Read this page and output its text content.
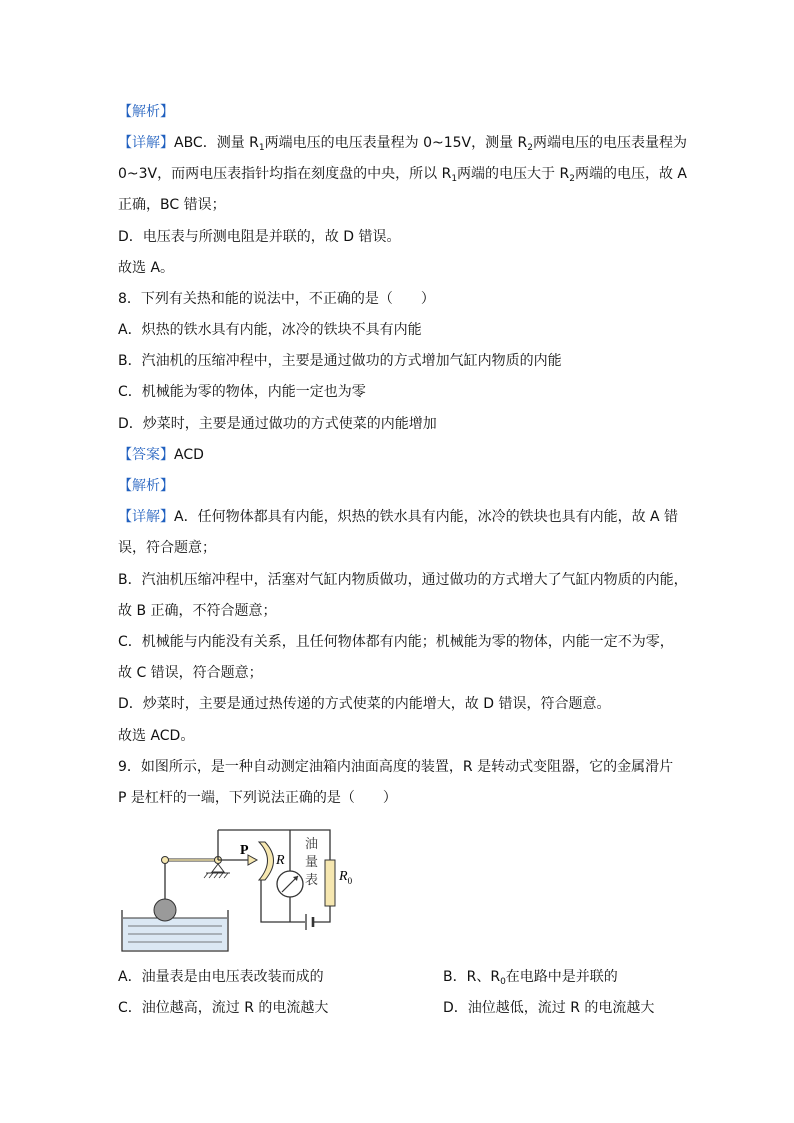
【解析】
【详解】ABC．测量 $R_1$两端电压的电压表量程为 0~15V，测量 $R_2$两端电压的电压表量程为
0~3V，而两电压表指针均指在刻度盘的中央，所以 $R_1$两端的电压大于 $R_2$两端的电压，故 A
正确，BC 错误；
D．电压表与所测电阻是并联的，故 D 错误。
故选 A。
8．下列有关热和能的说法中，不正确的是（　　）
A．炽热的铁水具有内能，冰冷的铁块不具有内能
B．汽油机的压缩冲程中，主要是通过做功的方式增加气缸内物质的内能
C．机械能为零的物体，内能一定也为零
D．炒菜时，主要是通过做功的方式使菜的内能增加
【答案】ACD
【解析】
【详解】A．任何物体都具有内能，炽热的铁水具有内能，冰冷的铁块也具有内能，故 A 错
误，符合题意；
B．汽油机压缩冲程中，活塞对气缸内物质做功，通过做功的方式增大了气缸内物质的内能，
故 B 正确，不符合题意；
C．机械能与内能没有关系，且任何物体都有内能；机械能为零的物体，内能一定不为零，
故 C 错误，符合题意；
D．炒菜时，主要是通过热传递的方式使菜的内能增大，故 D 错误，符合题意。
故选 ACD。
9．如图所示，是一种自动测定油箱内油面高度的装置，R 是转动式变阻器，它的金属滑片
P 是杠杆的一端，下列说法正确的是（　　）
P
R
油
量
表 $R_0$
A．油量表是由电压表改装而成的	B．R、$R_0$在电路中是并联的
C．油位越高，流过 R 的电流越大	D．油位越低，流过 R 的电流越大
